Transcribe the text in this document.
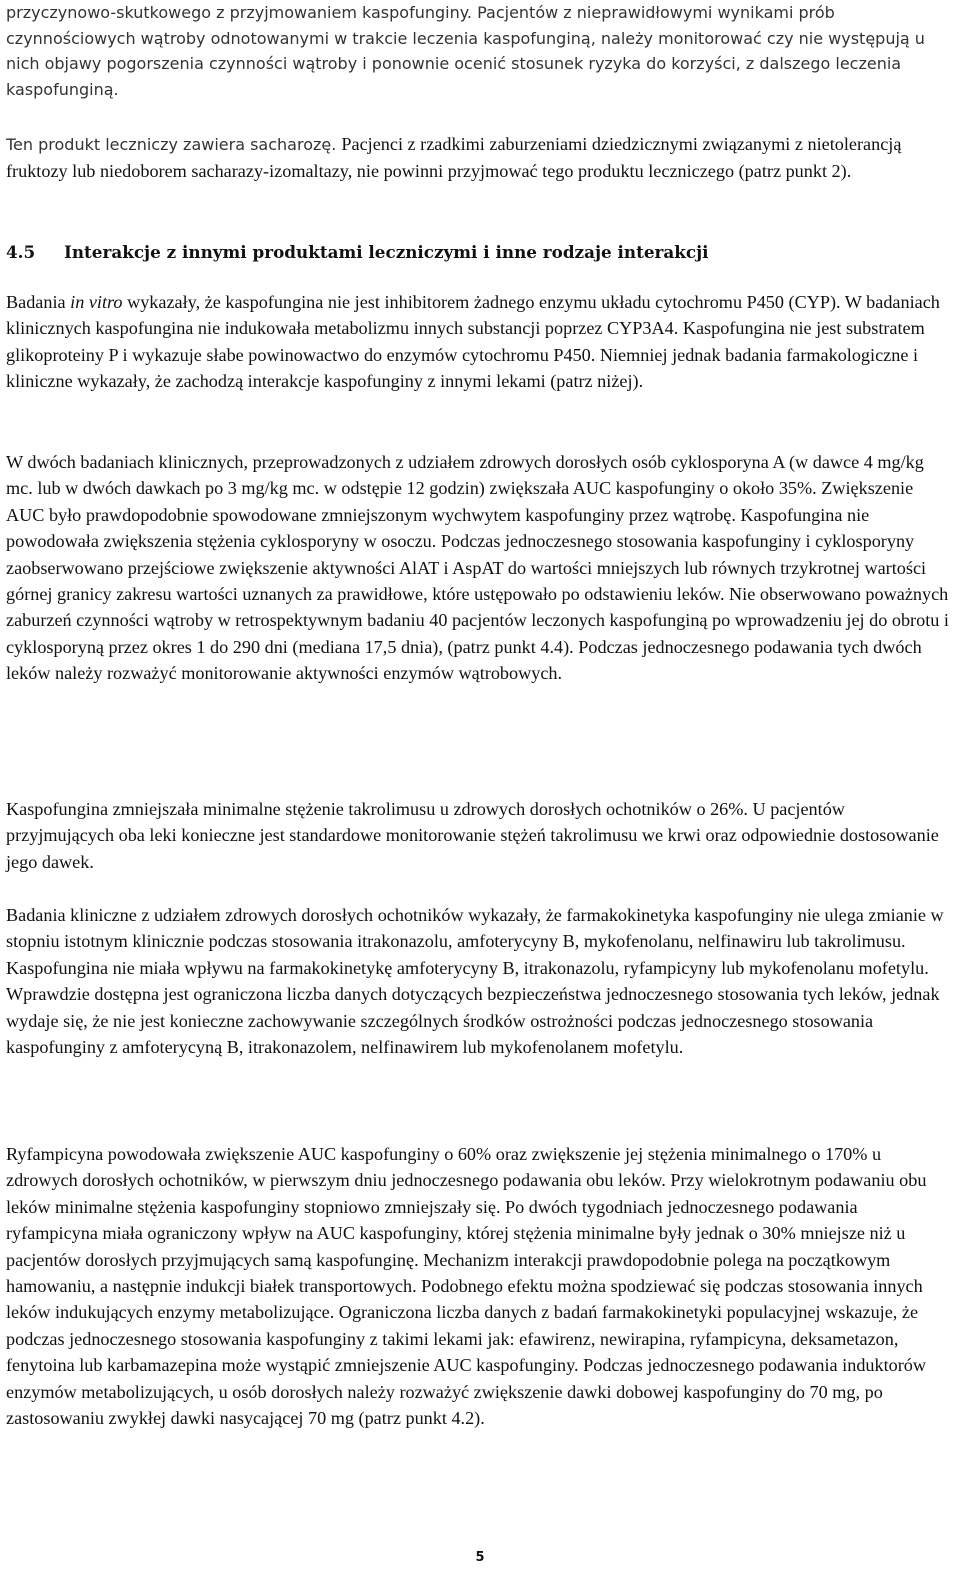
przyczynowo-skutkowego z przyjmowaniem kaspofunginy. Pacjentów z nieprawidłowymi wynikami prób czynnościowych wątroby odnotowanymi w trakcie leczenia kaspofunginą, należy monitorować czy nie występują u nich objawy pogorszenia czynności wątroby i ponownie ocenić stosunek ryzyka do korzyści, z dalszego leczenia kaspofunginą.

Ten produkt leczniczy zawiera sacharozę. Pacjenci z rzadkimi zaburzeniami dziedzicznymi związanymi z nietolerancją fruktozy lub niedoborem sacharazy-izomaltazy, nie powinni przyjmować tego produktu leczniczego (patrz punkt 2).

4.5 Interakcje z innymi produktami leczniczymi i inne rodzaje interakcji

Badania in vitro wykazały, że kaspofungina nie jest inhibitorem żadnego enzymu układu cytochromu P450 (CYP). W badaniach klinicznych kaspofungina nie indukowała metabolizmu innych substancji poprzez CYP3A4. Kaspofungina nie jest substratem glikoproteiny P i wykazuje słabe powinowactwo do enzymów cytochromu P450. Niemniej jednak badania farmakologiczne i kliniczne wykazały, że zachodzą interakcje kaspofunginy z innymi lekami (patrz niżej).

W dwóch badaniach klinicznych, przeprowadzonych z udziałem zdrowych dorosłych osób cyklosporyna A (w dawce 4 mg/kg mc. lub w dwóch dawkach po 3 mg/kg mc. w odstępie 12 godzin) zwiększała AUC kaspofunginy o około 35%. Zwiększenie AUC było prawdopodobnie spowodowane zmniejszonym wychwytem kaspofunginy przez wątrobę. Kaspofungina nie powodowała zwiększenia stężenia cyklosporyny w osoczu. Podczas jednoczesnego stosowania kaspofunginy i cyklosporyny zaobserwowano przejściowe zwiększenie aktywności AlAT i AspAT do wartości mniejszych lub równych trzykrotnej wartości górnej granicy zakresu wartości uznanych za prawidłowe, które ustępowało po odstawieniu leków. Nie obserwowano poważnych zaburzeń czynności wątroby w retrospektywnym badaniu 40 pacjentów leczonych kaspofunginą po wprowadzeniu jej do obrotu i cyklosporyną przez okres 1 do 290 dni (mediana 17,5 dnia), (patrz punkt 4.4). Podczas jednoczesnego podawania tych dwóch leków należy rozważyć monitorowanie aktywności enzymów wątrobowych.

Kaspofungina zmniejszała minimalne stężenie takrolimusu u zdrowych dorosłych ochotników o 26%. U pacjentów przyjmujących oba leki konieczne jest standardowe monitorowanie stężeń takrolimusu we krwi oraz odpowiednie dostosowanie jego dawek.

Badania kliniczne z udziałem zdrowych dorosłych ochotników wykazały, że farmakokinetyka kaspofunginy nie ulega zmianie w stopniu istotnym klinicznie podczas stosowania itrakonazolu, amfoterycyny B, mykofenolanu, nelfinawiru lub takrolimusu. Kaspofungina nie miała wpływu na farmakokinetykę amfoterycyny B, itrakonazolu, ryfampicyny lub mykofenolanu mofetylu. Wprawdzie dostępna jest ograniczona liczba danych dotyczących bezpieczeństwa jednoczesnego stosowania tych leków, jednak wydaje się, że nie jest konieczne zachowywanie szczególnych środków ostrożności podczas jednoczesnego stosowania kaspofunginy z amfoterycyną B, itrakonazolem, nelfinawirem lub mykofenolanem mofetylu.

Ryfampicyna powodowała zwiększenie AUC kaspofunginy o 60% oraz zwiększenie jej stężenia minimalnego o 170% u zdrowych dorosłych ochotników, w pierwszym dniu jednoczesnego podawania obu leków. Przy wielokrotnym podawaniu obu leków minimalne stężenia kaspofunginy stopniowo zmniejszały się. Po dwóch tygodniach jednoczesnego podawania ryfampicyna miała ograniczony wpływ na AUC kaspofunginy, której stężenia minimalne były jednak o 30% mniejsze niż u pacjentów dorosłych przyjmujących samą kaspofunginę. Mechanizm interakcji prawdopodobnie polega na początkowym hamowaniu, a następnie indukcji białek transportowych. Podobnego efektu można spodziewać się podczas stosowania innych leków indukujących enzymy metabolizujące. Ograniczona liczba danych z badań farmakokinetyki populacyjnej wskazuje, że podczas jednoczesnego stosowania kaspofunginy z takimi lekami jak: efawirenz, newirapina, ryfampicyna, deksametazon, fenytoina lub karbamazepina może wystąpić zmniejszenie AUC kaspofunginy. Podczas jednoczesnego podawania induktorów enzymów metabolizujących, u osób dorosłych należy rozważyć zwiększenie dawki dobowej kaspofunginy do 70 mg, po zastosowaniu zwykłej dawki nasycającej 70 mg (patrz punkt 4.2).

5
